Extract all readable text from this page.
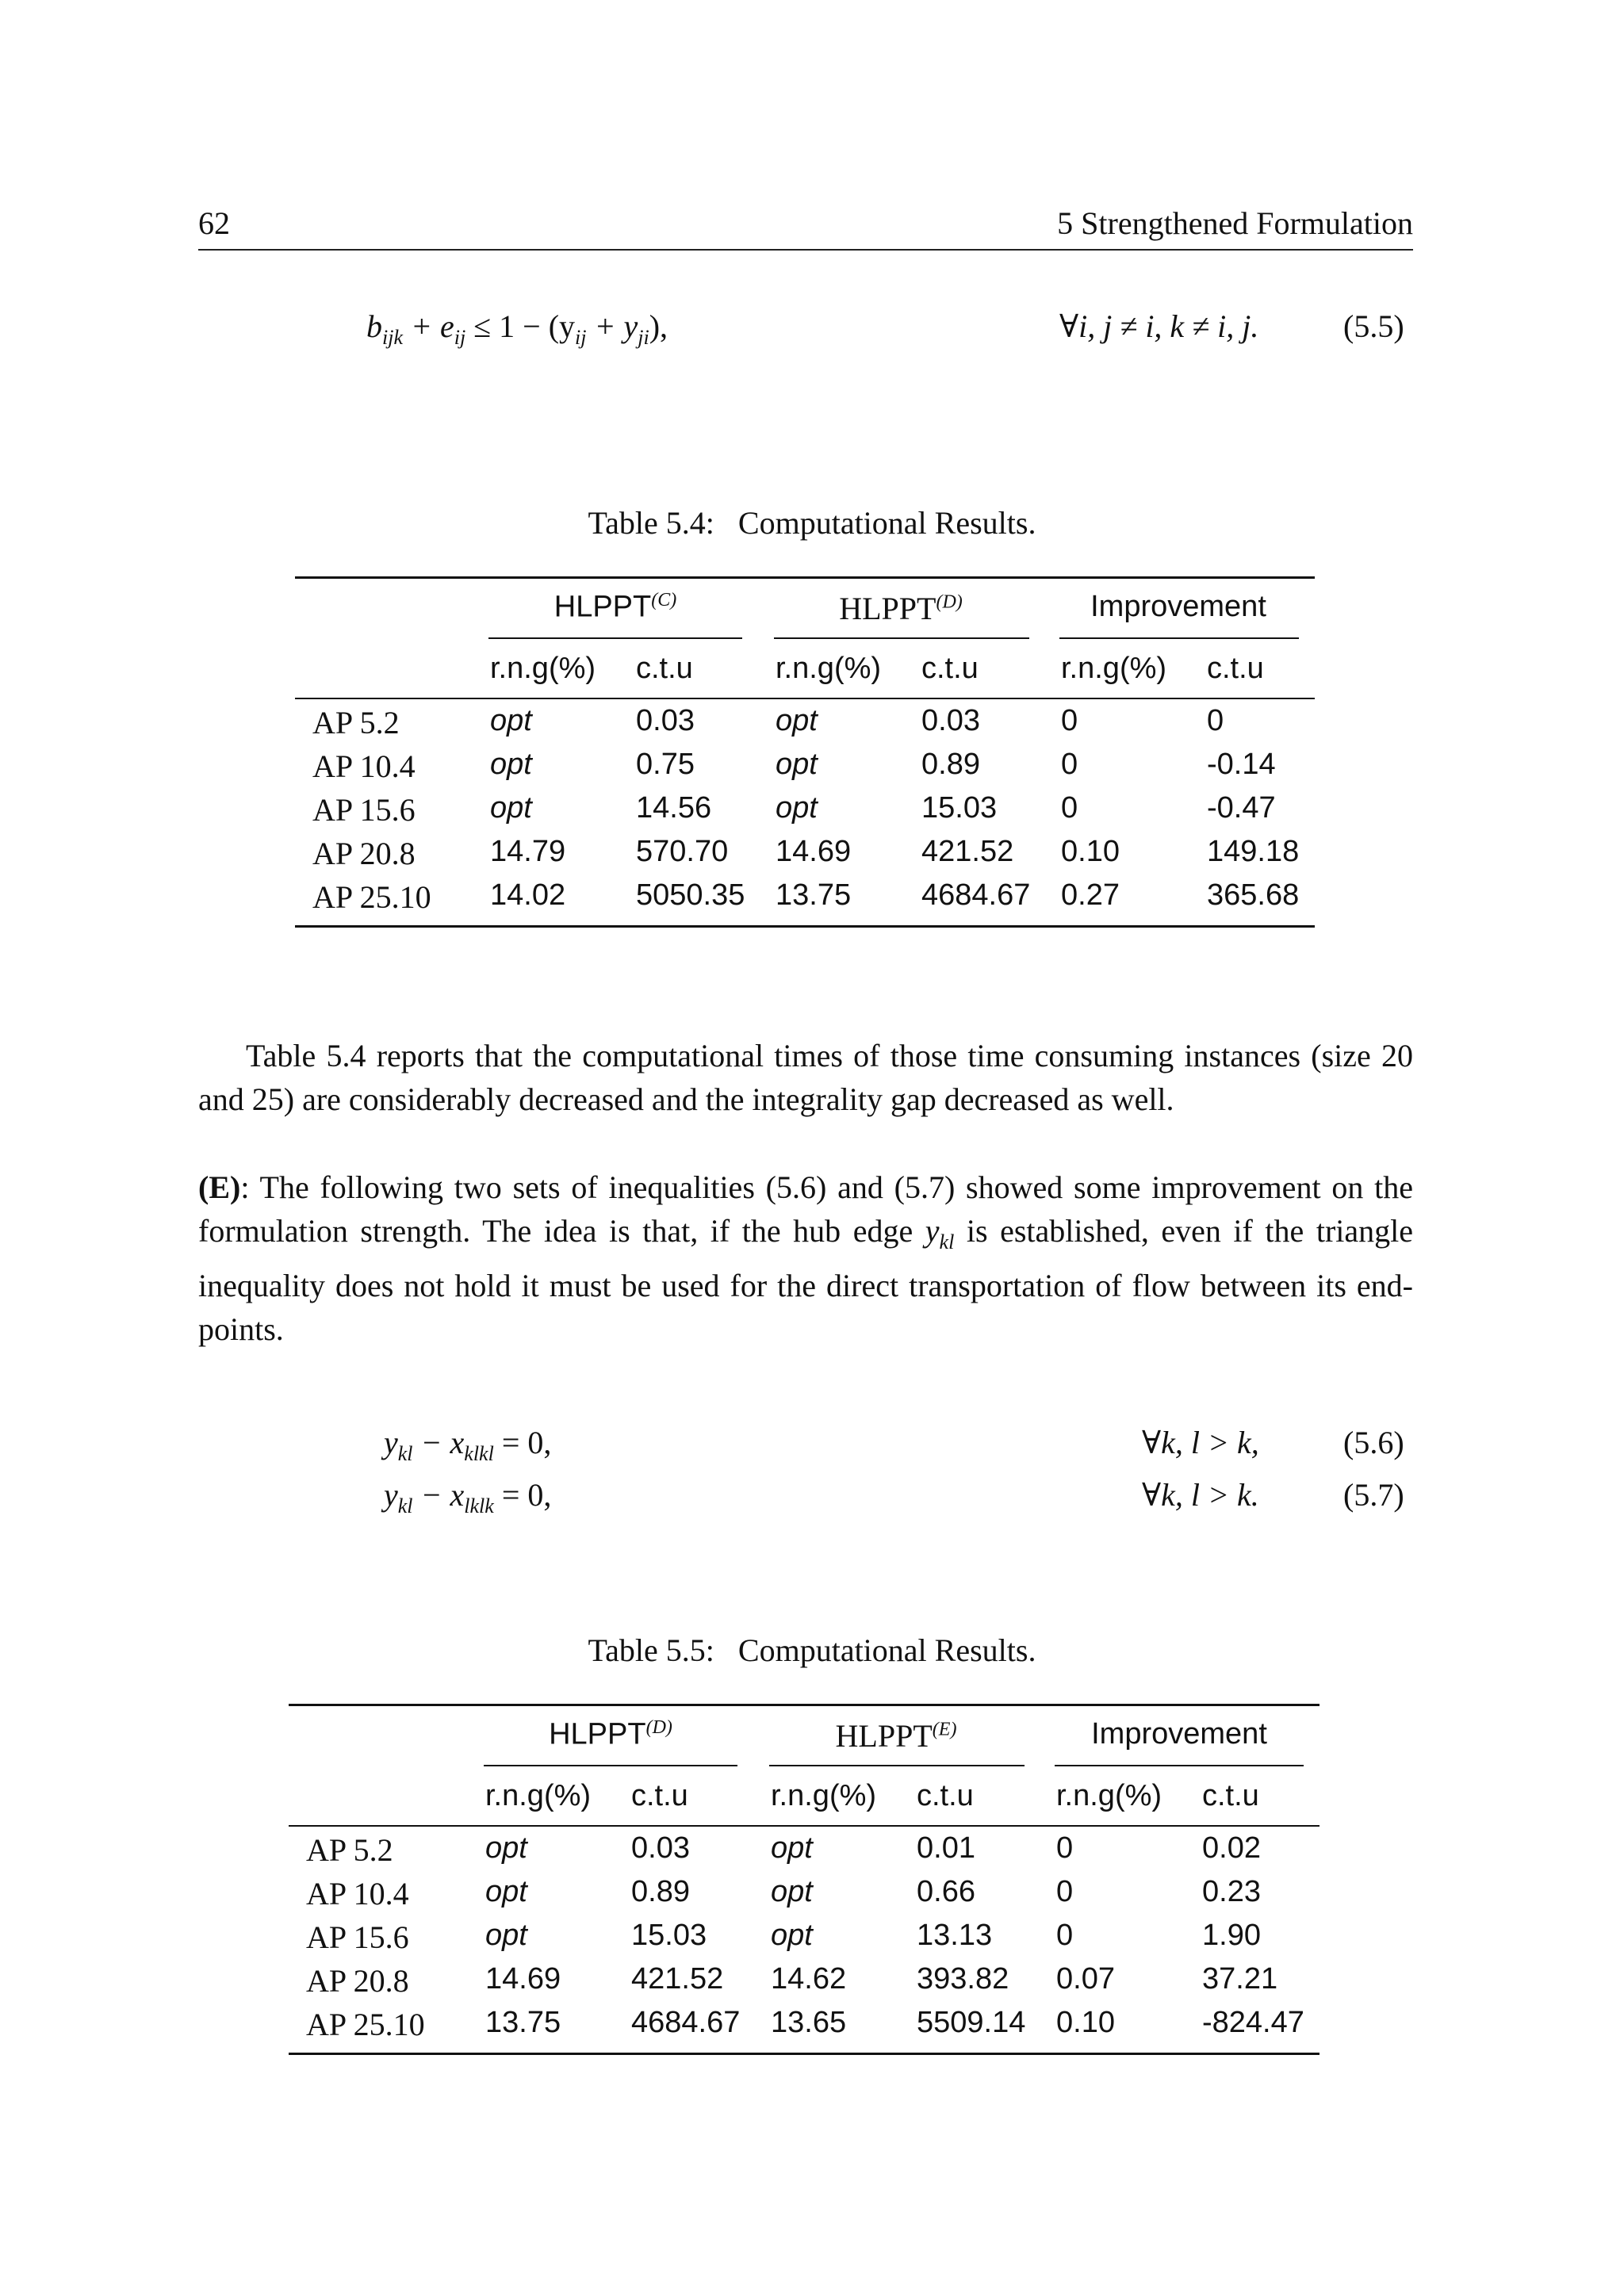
62	5 Strengthened Formulation
$b_{ijk} + e_{ij} \le 1 - (y_{ij} + y_{ji})$,	∀i, j ≠ i, k ≠ i, j.	(5.5)
Table 5.4: Computational Results.
$HLPPT^{(C)}$	$HLPPT^{(D)}$	Improvement
r.n.g(%) c.t.u	r.n.g(%) c.t.u	r.n.g(%) c.t.u
AP 5.2	opt	0.03	opt	0.03	0	0
AP 10.4 opt	0.75	opt	0.89	0	-0.14
AP 15.6 opt	14.56 opt	15.03 0	-0.47
AP 20.8 14.79 570.70 14.69 421.52 0.10	149.18
AP 25.10 14.02 5050.35 13.75 4684.67 0.27	365.68
Table 5.4 reports that the computational times of those time consuming instances (size 20 and 25) are considerably decreased and the integrality gap decreased as well.
(E): The following two sets of inequalities (5.6) and (5.7) showed some improvement on the formulation strength. The idea is that, if the hub edge $y_{kl}$ is established, even if the triangle inequality does not hold it must be used for the direct transportation of flow between its end-points.
$y_{kl} - x_{klkl} = 0$,	∀k, l > k,	(5.6)
$y_{kl} - x_{lklk} = 0$,	∀k, l > k.	(5.7)
Table 5.5: Computational Results.
$HLPPT^{(D)}$	$HLPPT^{(E)}$	Improvement
r.n.g(%) c.t.u	r.n.g(%) c.t.u	r.n.g(%) c.t.u
AP 5.2	opt	0.03	opt	0.01	0	0.02
AP 10.4	opt	0.89	opt	0.66	0	0.23
AP 15.6	opt	15.03 opt	13.13 0	1.90
AP 20.8	14.69 421.52 14.62 393.82 0.07	37.21
AP 25.10 13.75 4684.67 13.65 5509.14 0.10	-824.47
